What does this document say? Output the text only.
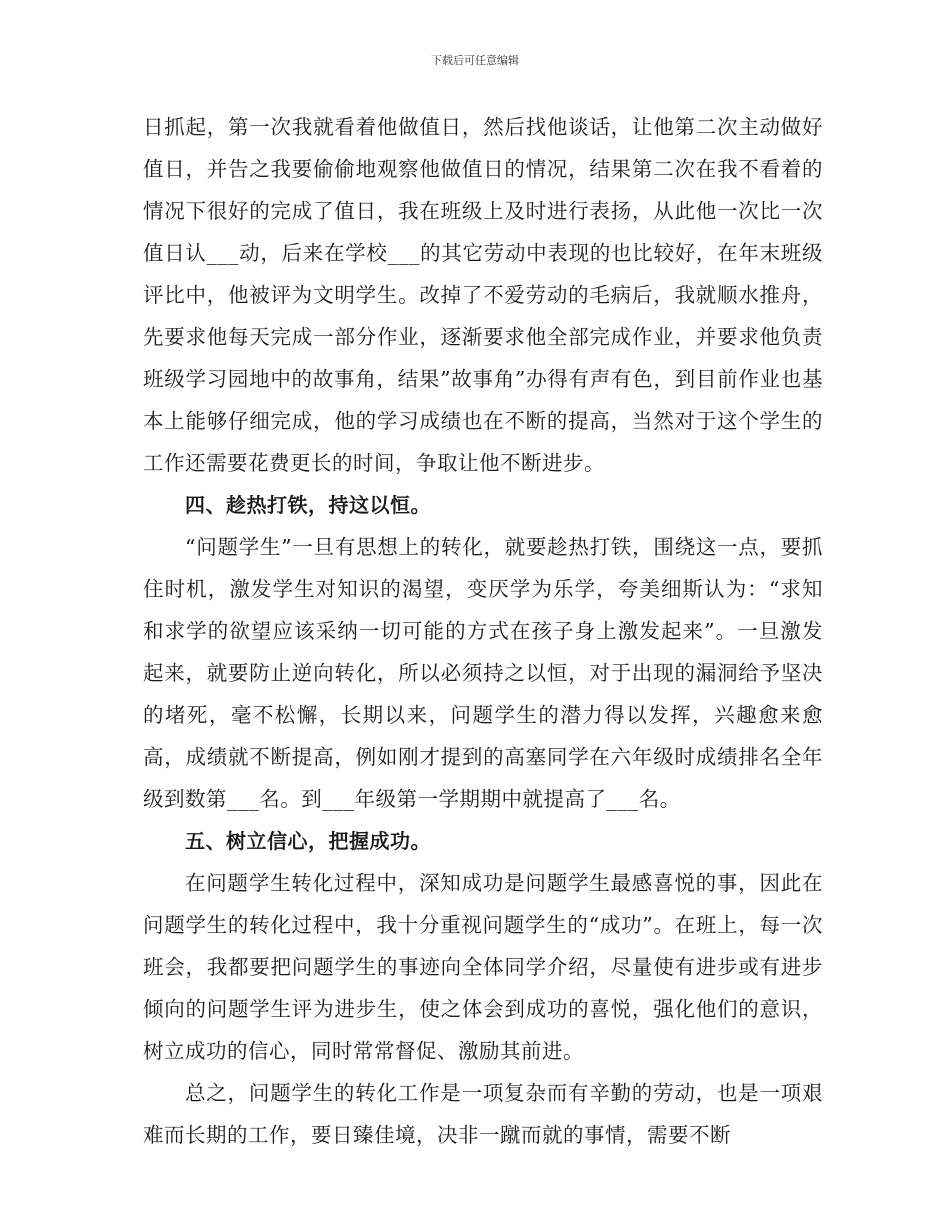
下载后可任意编辑

日抓起，第一次我就看着他做值日，然后找他谈话，让他第二次主动做好值日，并告之我要偷偷地观察他做值日的情况，结果第二次在我不看着的情况下很好的完成了值日，我在班级上及时进行表扬，从此他一次比一次值日认___动，后来在学校___的其它劳动中表现的也比较好，在年末班级评比中，他被评为文明学生。改掉了不爱劳动的毛病后，我就顺水推舟，先要求他每天完成一部分作业，逐渐要求他全部完成作业，并要求他负责班级学习园地中的故事角，结果”故事角”办得有声有色，到目前作业也基本上能够仔细完成，他的学习成绩也在不断的提高，当然对于这个学生的工作还需要花费更长的时间，争取让他不断进步。

四、趁热打铁，持这以恒。

“问题学生”一旦有思想上的转化，就要趁热打铁，围绕这一点，要抓住时机，激发学生对知识的渴望，变厌学为乐学，夸美细斯认为：“求知和求学的欲望应该采纳一切可能的方式在孩子身上激发起来”。一旦激发起来，就要防止逆向转化，所以必须持之以恒，对于出现的漏洞给予坚决的堵死，毫不松懈，长期以来，问题学生的潜力得以发挥，兴趣愈来愈高，成绩就不断提高，例如刚才提到的高塞同学在六年级时成绩排名全年级到数第___名。到___年级第一学期期中就提高了___名。

五、树立信心，把握成功。

在问题学生转化过程中，深知成功是问题学生最感喜悦的事，因此在问题学生的转化过程中，我十分重视问题学生的“成功”。在班上，每一次班会，我都要把问题学生的事迹向全体同学介绍，尽量使有进步或有进步倾向的问题学生评为进步生，使之体会到成功的喜悦，强化他们的意识，树立成功的信心，同时常常督促、激励其前进。

总之，问题学生的转化工作是一项复杂而有辛勤的劳动，也是一项艰难而长期的工作，要日臻佳境，决非一蹴而就的事情，需要不断
